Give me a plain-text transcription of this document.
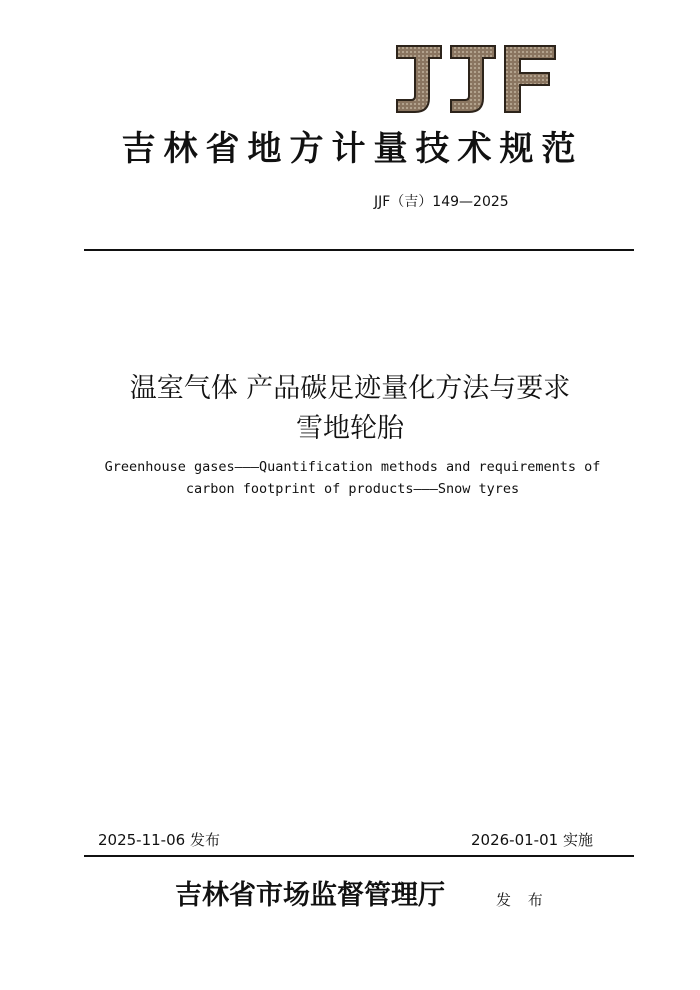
吉林省地方计量技术规范
JJF（吉）149—2025
温室气体 产品碳足迹量化方法与要求
雪地轮胎
Greenhouse gases———Quantification methods and requirements of
carbon footprint of products———Snow tyres
2025-11-06 发布	2026-01-01 实施
吉林省市场监督管理厅	发 布
